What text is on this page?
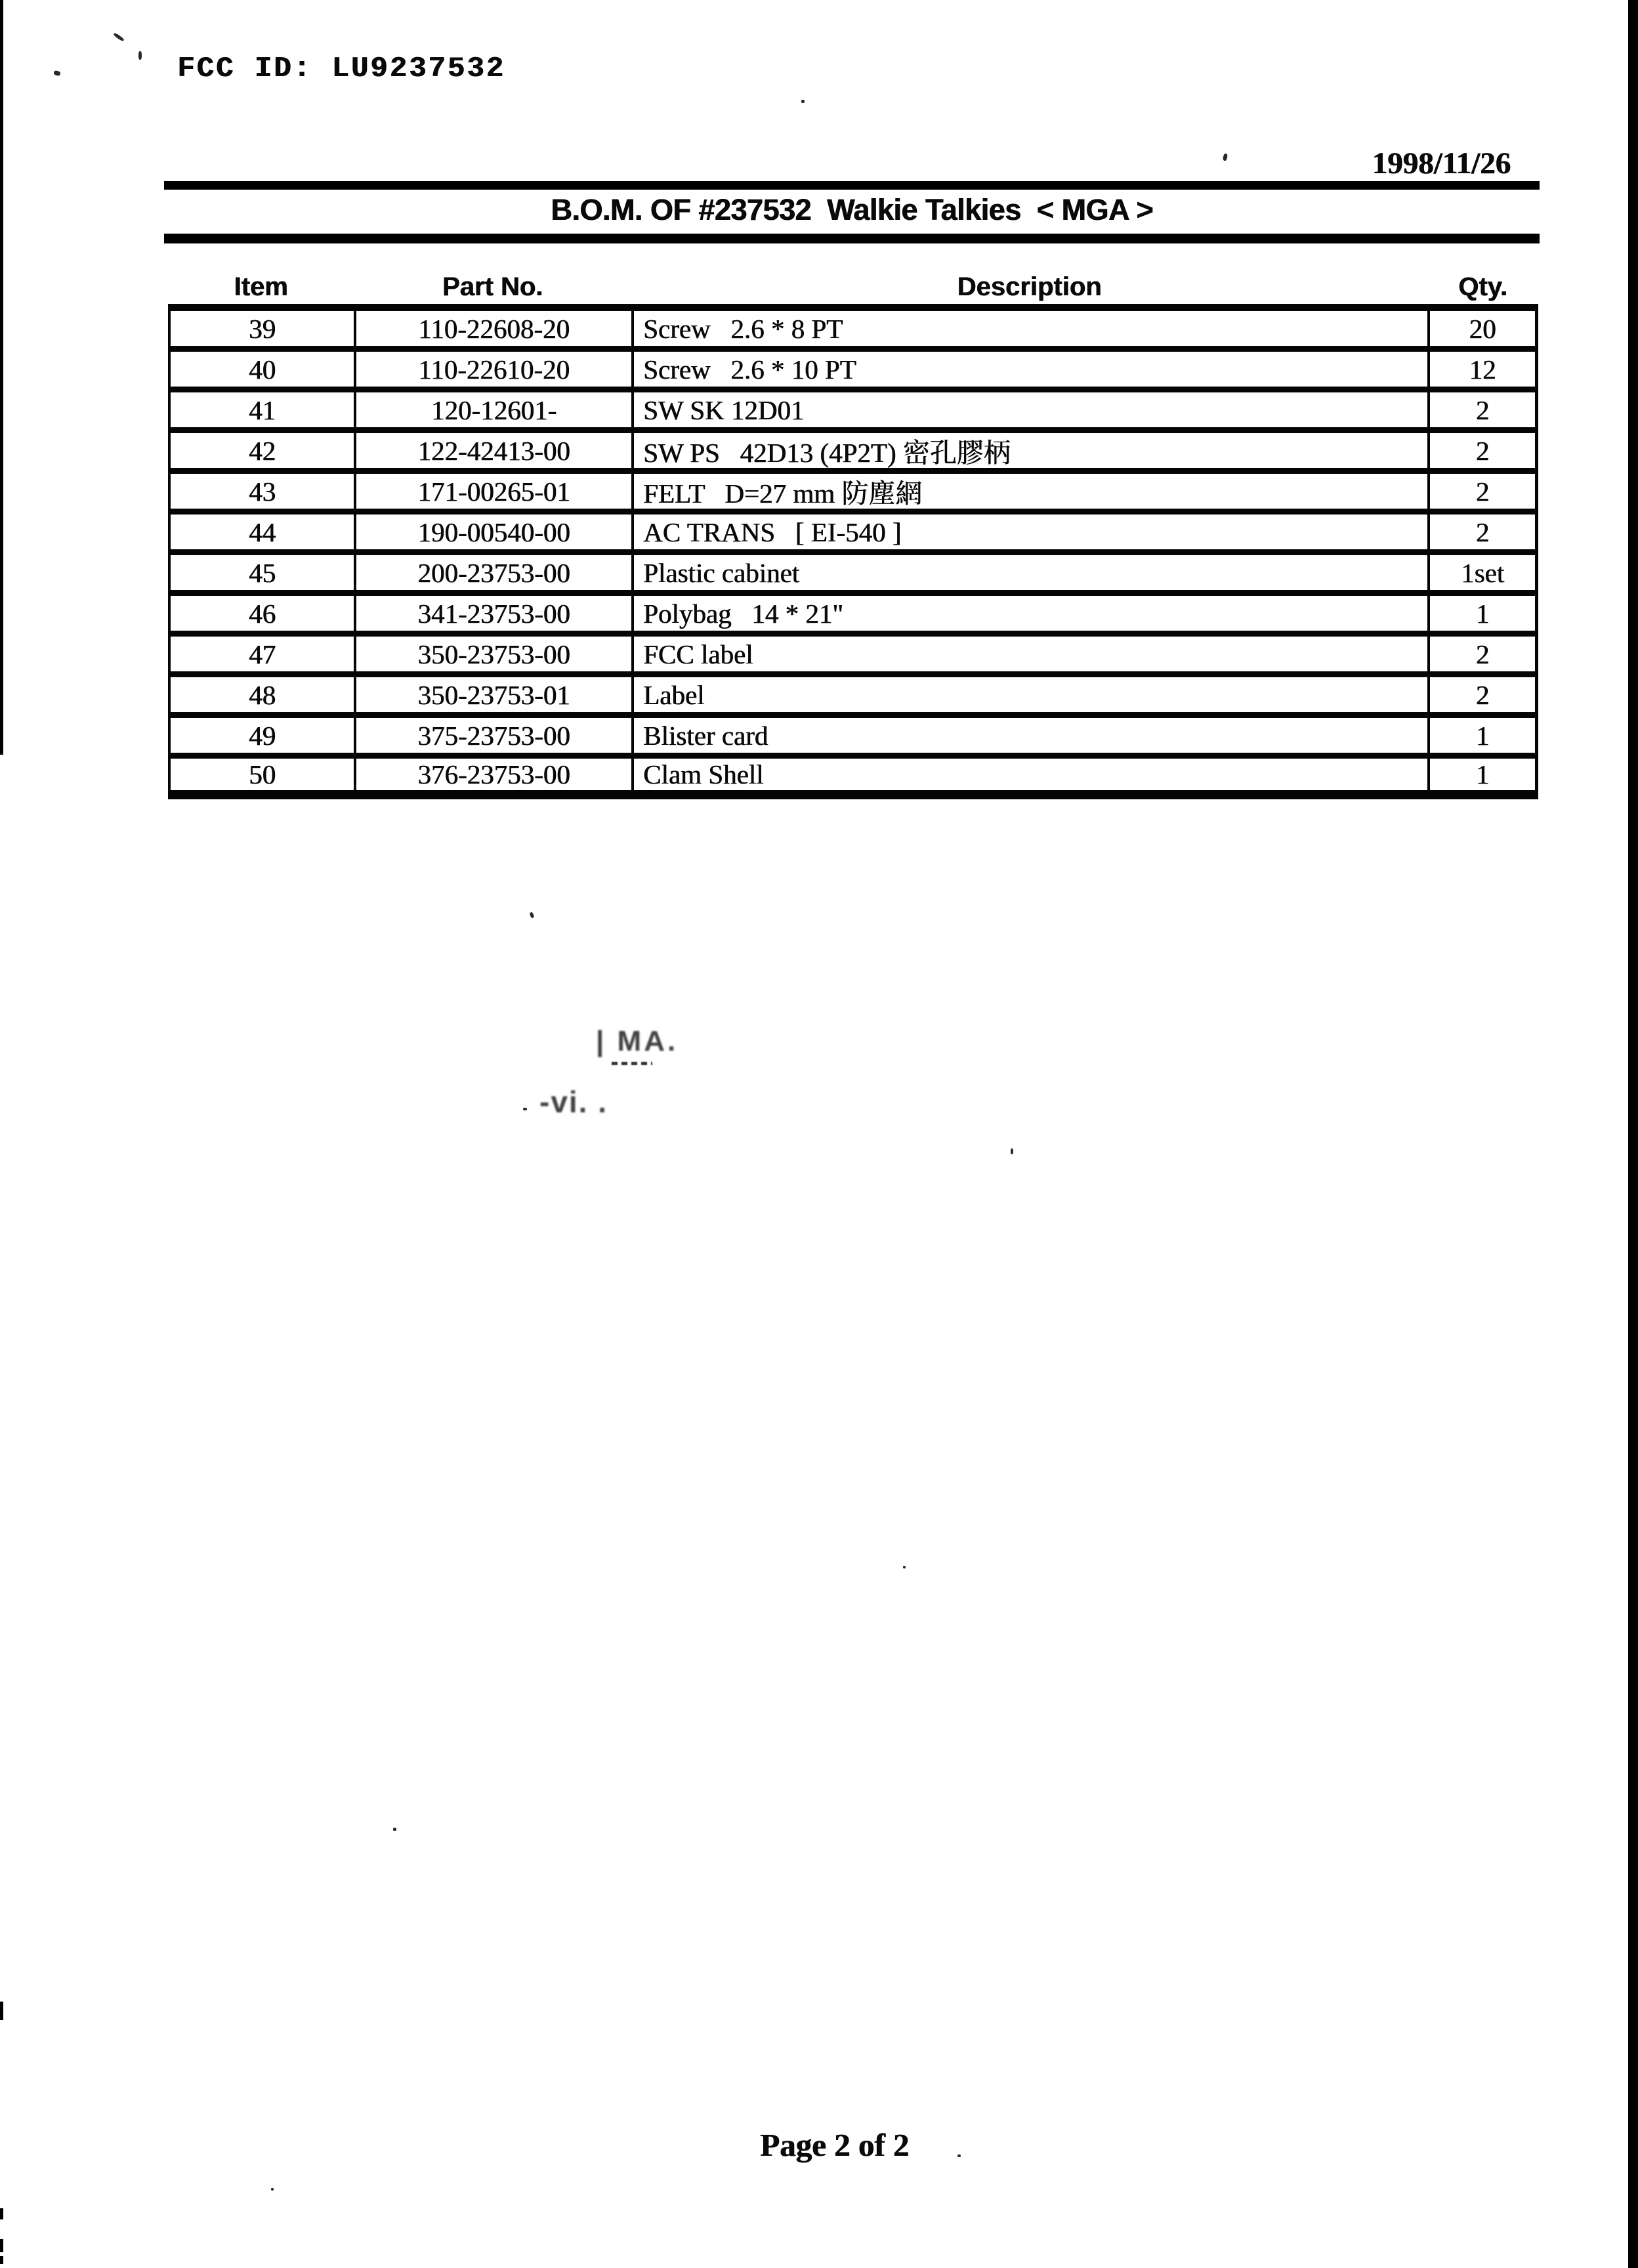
FCC ID: LU9237532
1998/11/26
B.O.M. OF #237532  Walkie Talkies  < MGA >
Item	Part No.	Description	Qty.
39	110-22608-20	Screw   2.6 * 8 PT	20
40	110-22610-20	Screw   2.6 * 10 PT	12
41	120-12601-	SW SK 12D01	2
42	122-42413-00	SW PS   42D13 (4P2T) 密孔膠柄	2
43	171-00265-01	FELT   D=27 mm 防塵網	2
44	190-00540-00	AC TRANS   [ EI-540 ]	2
45	200-23753-00	Plastic cabinet	1set
46	341-23753-00	Polybag   14 * 21"	1
47	350-23753-00	FCC label	2
48	350-23753-01	Label	2
49	375-23753-00	Blister card	1
50	376-23753-00	Clam Shell	1
| MA.
-vi. .
Page 2 of 2
